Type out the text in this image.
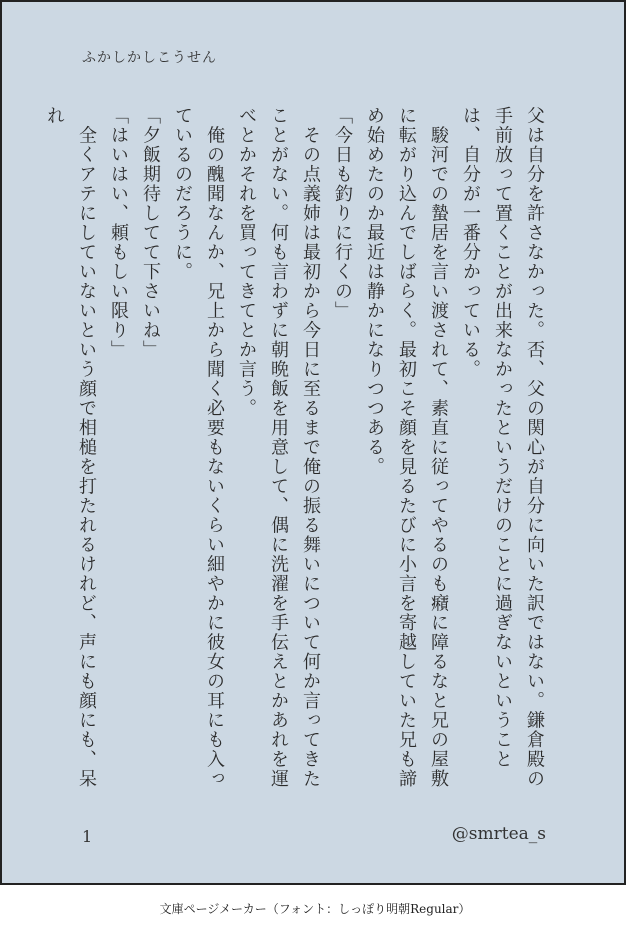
ふかしかしこうせん

父は自分を許さなかった。否、父の関心が自分に向いた訳ではない。鎌倉殿の手前放って置くことが出来なかったというだけのことに過ぎないということは、自分が一番分かっている。

　駿河での蟄居を言い渡されて、素直に従ってやるのも癪に障るなと兄の屋敷に転がり込んでしばらく。最初こそ顔を見るたびに小言を寄越していた兄も諦め始めたのか最近は静かになりつつある。

「今日も釣りに行くの」

　その点義姉は最初から今日に至るまで俺の振る舞いについて何か言ってきたことがない。何も言わずに朝晩飯を用意して、偶に洗濯を手伝えとかあれを運べとかそれを買ってきてとか言う。

　俺の醜聞なんか、兄上から聞く必要もないくらい細やかに彼女の耳にも入っているのだろうに。

「夕飯期待してて下さいね」

「はいはい、頼もしい限り」

　全くアテにしていないという顔で相槌を打たれるけれど、声にも顔にも、呆れ

1	@smrtea_s
文庫ページメーカー（フォント：しっぽり明朝Regular）
